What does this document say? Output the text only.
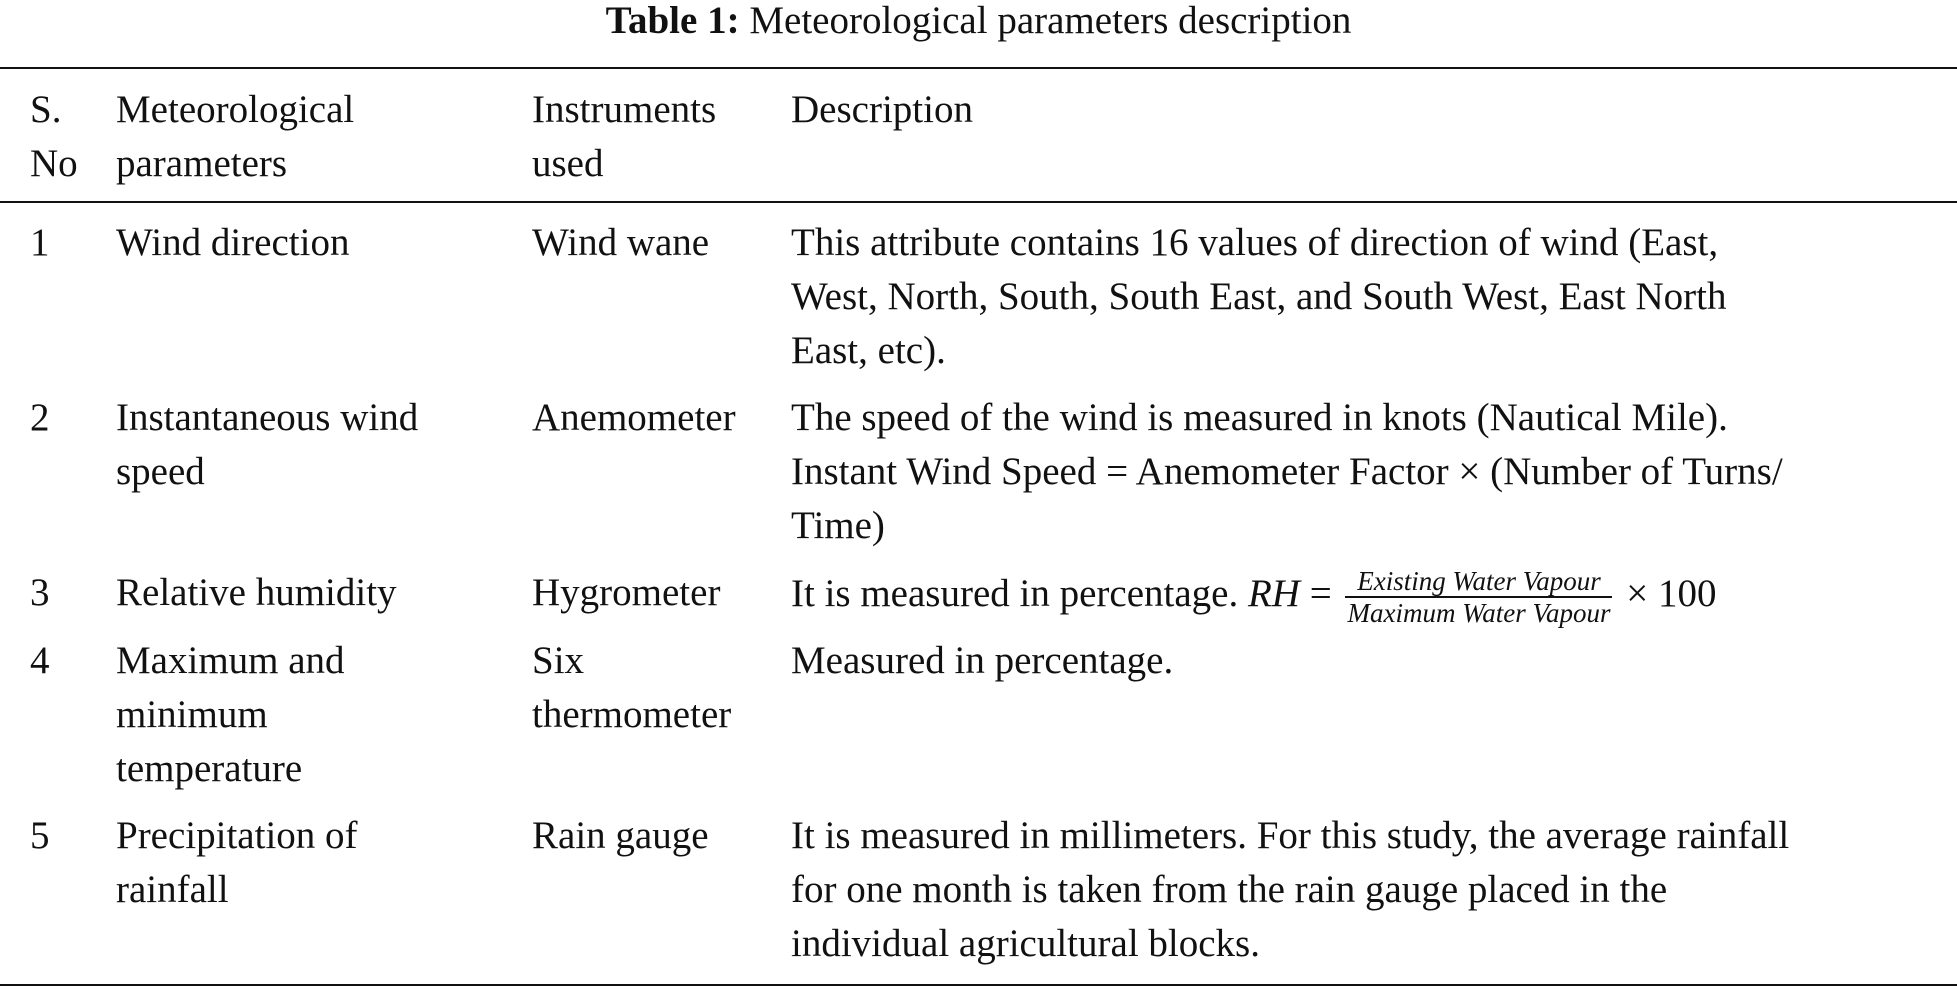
Table 1: Meteorological parameters description
S.
No
Meteorological
parameters
Instruments
used
Description
1 Wind direction	Wind wane This attribute contains 16 values of direction of wind (East,
West, North, South, South East, and South West, East North
East, etc).
2 Instantaneous wind
speed
Anemometer The speed of the wind is measured in knots (Nautical Mile).
Instant Wind Speed = Anemometer Factor × (Number of Turns/
Time)
3 Relative humidity	Hygrometer It is measured in percentage. RH = $\frac{\text{Existing Water Vapour}}{\text{Maximum Water Vapour}} \times 100$
4 Maximum and
minimum
temperature
Six
thermometer
Measured in percentage.
5 Precipitation of
rainfall
Rain gauge It is measured in millimeters. For this study, the average rainfall
for one month is taken from the rain gauge placed in the
individual agricultural blocks.
